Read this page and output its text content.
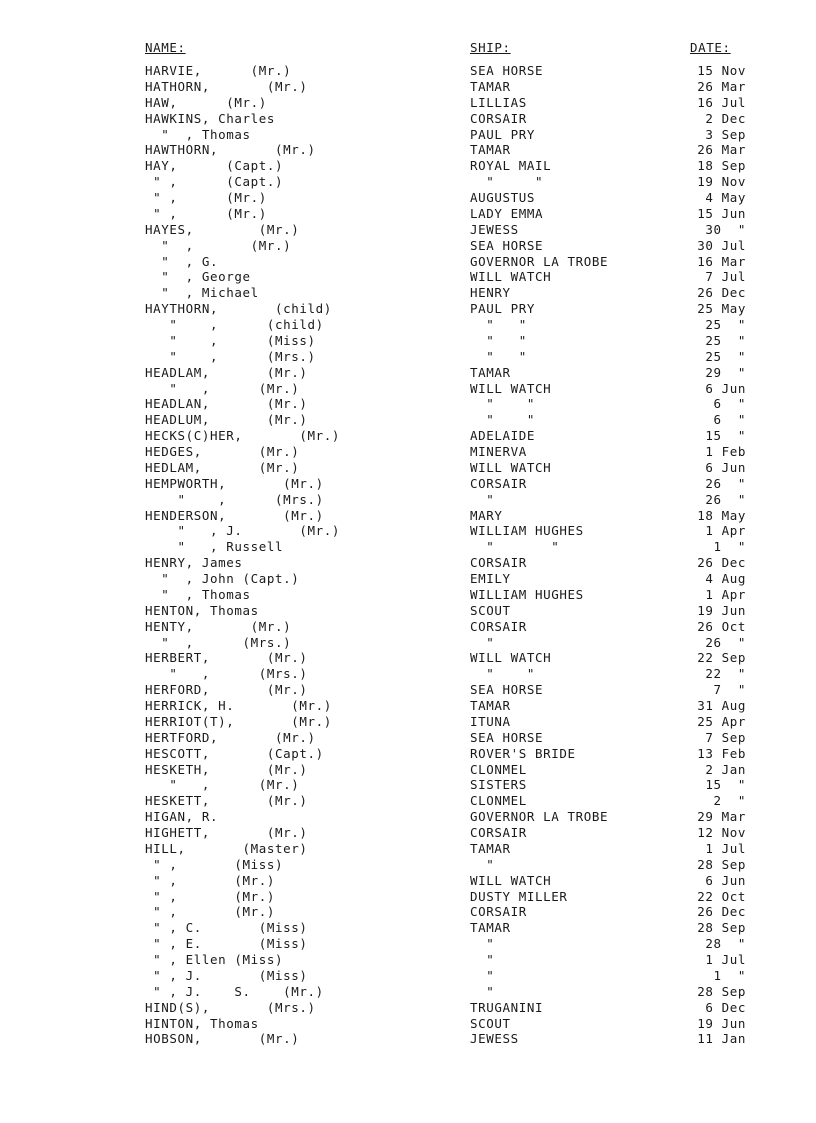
NAME:	SHIP:	DATE:
HARVIE,      (Mr.)	SEA HORSE	15 Nov
HATHORN,       (Mr.)	TAMAR	26 Mar
HAW,      (Mr.)	LILLIAS	16 Jul
HAWKINS, Charles	CORSAIR	2 Dec
"  , Thomas	PAUL PRY	3 Sep
HAWTHORN,       (Mr.)	TAMAR	26 Mar
HAY,      (Capt.)	ROYAL MAIL	18 Sep
" ,      (Capt.)	"     "	19 Nov
" ,      (Mr.)	AUGUSTUS	4 May
" ,      (Mr.)	LADY EMMA	15 Jun
HAYES,        (Mr.)	JEWESS	30  "
"  ,       (Mr.)	SEA HORSE	30 Jul
"  , G.	GOVERNOR LA TROBE	16 Mar
"  , George	WILL WATCH	7 Jul
"  , Michael	HENRY	26 Dec
HAYTHORN,       (child)	PAUL PRY	25 May
"    ,      (child)	"   "	25  "
"    ,      (Miss)	"   "	25  "
"    ,      (Mrs.)	"   "	25  "
HEADLAM,       (Mr.)	TAMAR	29  "
"   ,      (Mr.)	WILL WATCH	6 Jun
HEADLAN,       (Mr.)	"    "	6  "
HEADLUM,       (Mr.)	"    "	6  "
HECKS(C)HER,       (Mr.)	ADELAIDE	15  "
HEDGES,       (Mr.)	MINERVA	1 Feb
HEDLAM,       (Mr.)	WILL WATCH	6 Jun
HEMPWORTH,       (Mr.)	CORSAIR	26  "
"    ,      (Mrs.)	"	26  "
HENDERSON,       (Mr.)	MARY	18 May
"   , J.       (Mr.)	WILLIAM HUGHES	1 Apr
"   , Russell	"       "	1  "
HENRY, James	CORSAIR	26 Dec
"  , John (Capt.)	EMILY	4 Aug
"  , Thomas	WILLIAM HUGHES	1 Apr
HENTON, Thomas	SCOUT	19 Jun
HENTY,       (Mr.)	CORSAIR	26 Oct
"  ,      (Mrs.)	"	26  "
HERBERT,       (Mr.)	WILL WATCH	22 Sep
"   ,      (Mrs.)	"    "	22  "
HERFORD,       (Mr.)	SEA HORSE	7  "
HERRICK, H.       (Mr.)	TAMAR	31 Aug
HERRIOT(T),       (Mr.)	ITUNA	25 Apr
HERTFORD,       (Mr.)	SEA HORSE	7 Sep
HESCOTT,       (Capt.)	ROVER'S BRIDE	13 Feb
HESKETH,       (Mr.)	CLONMEL	2 Jan
"   ,      (Mr.)	SISTERS	15  "
HESKETT,       (Mr.)	CLONMEL	2  "
HIGAN, R.	GOVERNOR LA TROBE	29 Mar
HIGHETT,       (Mr.)	CORSAIR	12 Nov
HILL,       (Master)	TAMAR	1 Jul
" ,       (Miss)	"	28 Sep
" ,       (Mr.)	WILL WATCH	6 Jun
" ,       (Mr.)	DUSTY MILLER	22 Oct
" ,       (Mr.)	CORSAIR	26 Dec
" , C.       (Miss)	TAMAR	28 Sep
" , E.       (Miss)	"	28  "
" , Ellen (Miss)	"	1 Jul
" , J.       (Miss)	"	1  "
" , J.    S.    (Mr.)	"	28 Sep
HIND(S),       (Mrs.)	TRUGANINI	6 Dec
HINTON, Thomas	SCOUT	19 Jun
HOBSON,       (Mr.)	JEWESS	11 Jan
